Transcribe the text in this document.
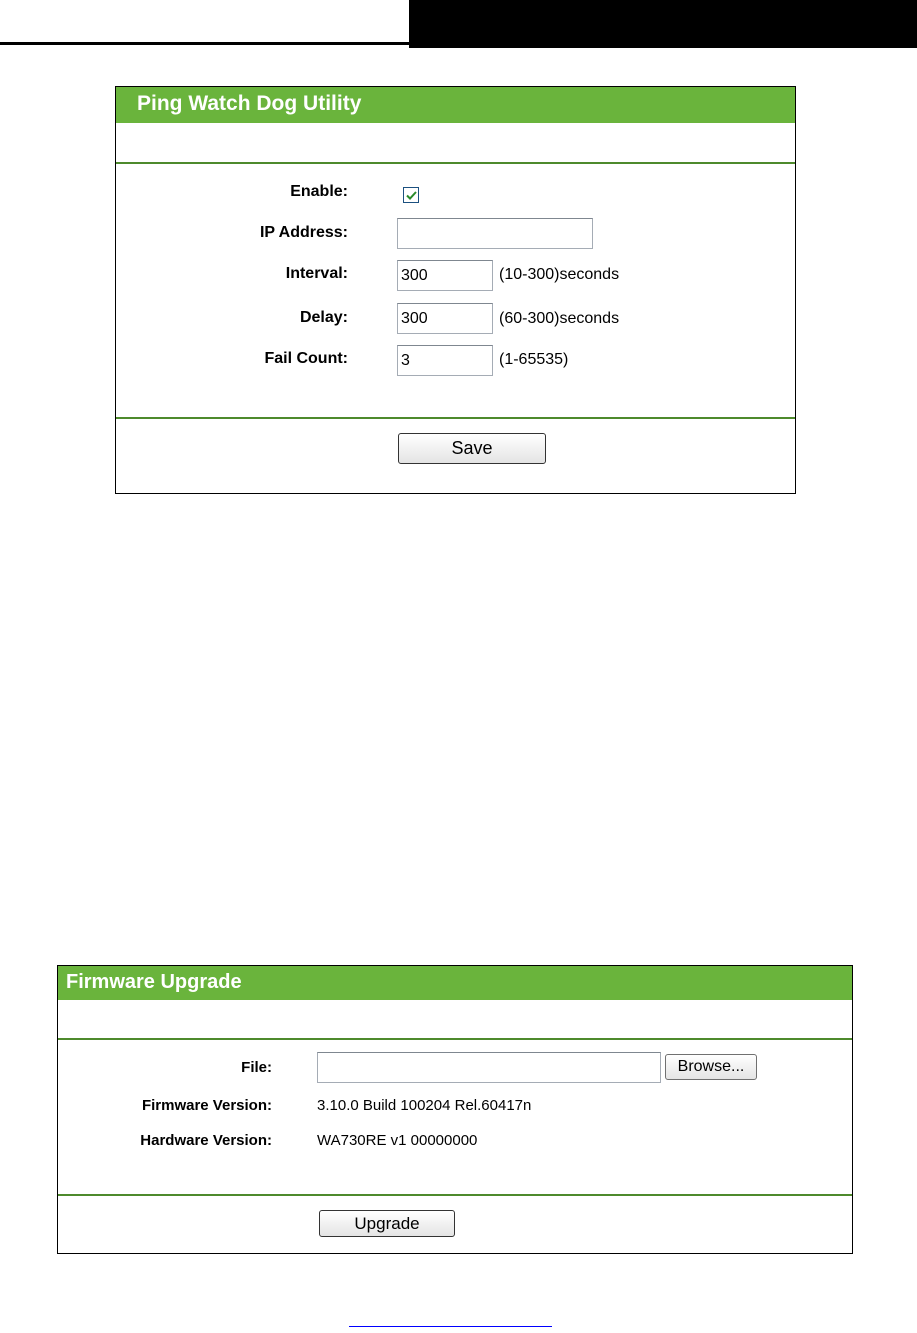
Ping Watch Dog Utility
Enable:
IP Address:
Interval:
300	(10-300)seconds
Delay:
300	(60-300)seconds
Fail Count:
3	(1-65535)
Save
Firmware Upgrade
File:	Browse...
Firmware Version:	3.10.0 Build 100204 Rel.60417n
Hardware Version:	WA730RE v1 00000000
Upgrade
